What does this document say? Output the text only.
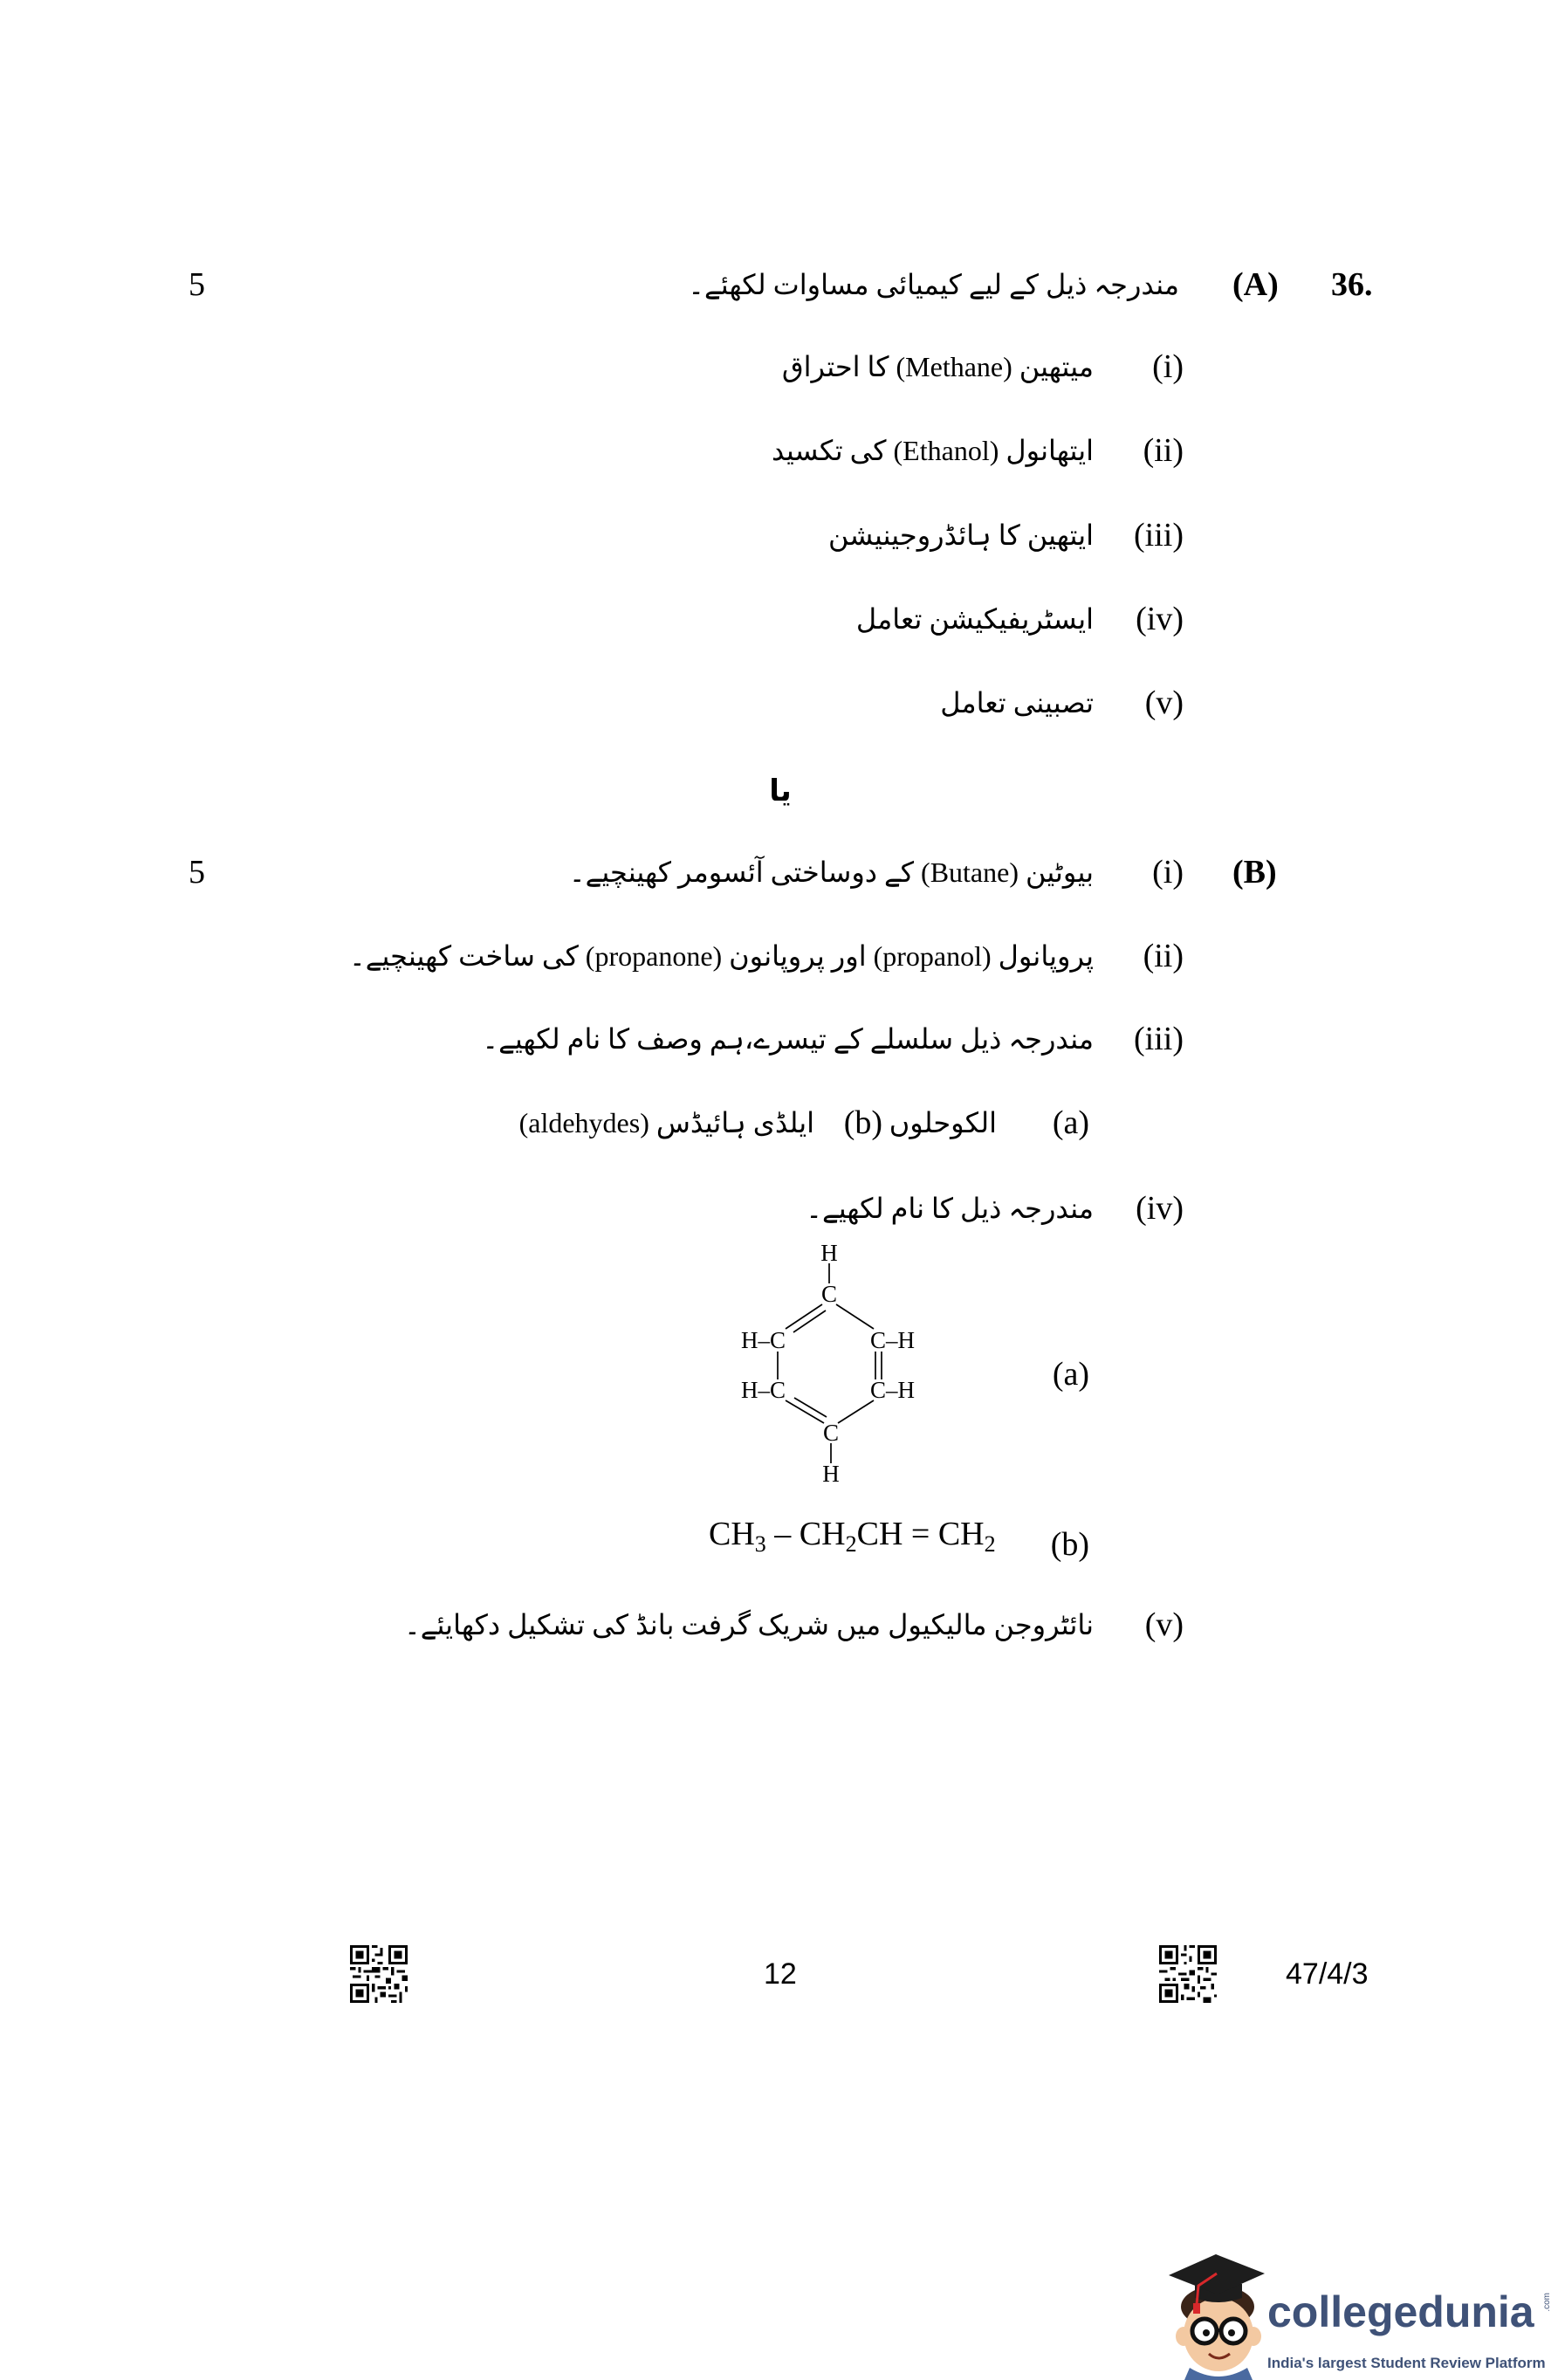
5	36.
(A)
مندرجہ ذیل کے لیے کیمیائی مساوات لکھئے۔
(i)
میتھین (Methane) کا احتراق
(ii)
ایتھانول (Ethanol) کی تکسید
(iii)
ایتھین کا ہائڈروجینیشن
(iv)
ایسٹریفیکیشن تعامل
(v)
تصبینی تعامل
یا
5	(B)
(i)
بیوٹین (Butane) کے دوساختی آئسومر کھینچیے۔
(ii)
پروپانول (propanol) اور پروپانون (propanone) کی ساخت کھینچیے۔
(iii)
مندرجہ ذیل سلسلے کے تیسرے،ہم وصف کا نام لکھیے۔
(a)
الکوحلوں
(b)
ایلڈی ہائیڈس (aldehydes)
(iv)
مندرجہ ذیل کا نام لکھیے۔
H
C
H–C	C–H
H–C	C–H
C
H
(a)
$CH_3 - CH_2CH = CH_2$ (b)
(v)
نائٹروجن مالیکیول میں شریک گرفت بانڈ کی تشکیل دکھایئے۔
12	47/4/3
collegedunia .com
India's largest Student Review Platform
